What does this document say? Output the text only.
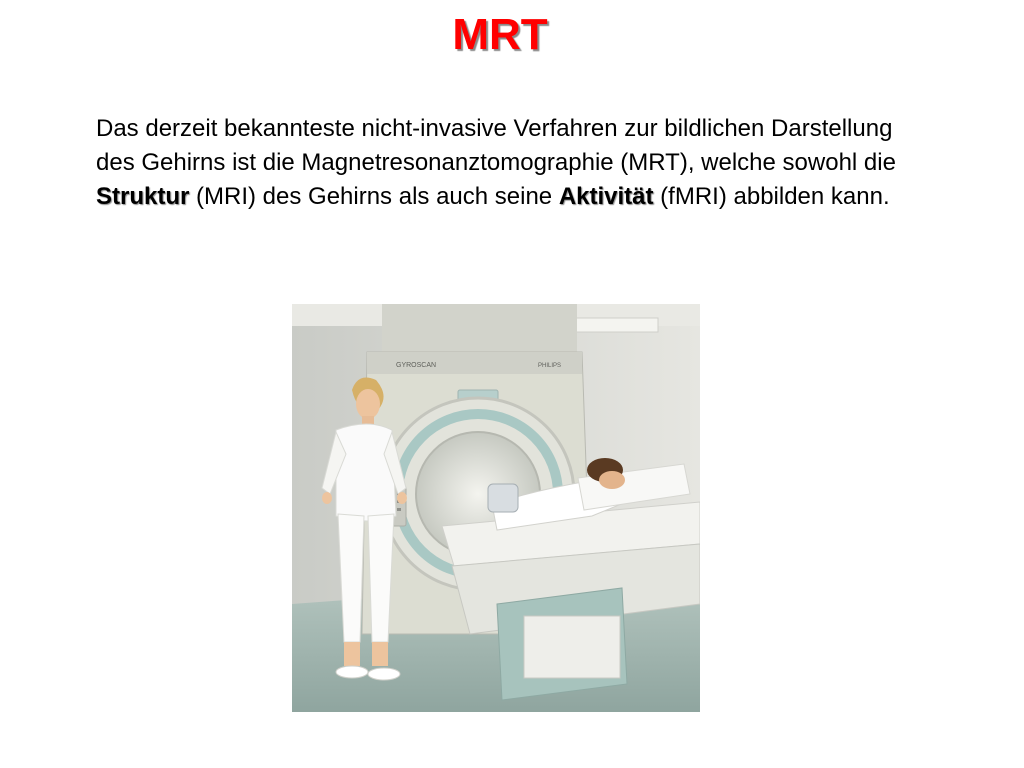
MRT
Das derzeit bekannteste nicht-invasive Verfahren zur bildlichen Darstellung des Gehirns ist die Magnetresonanztomographie (MRT), welche sowohl die Struktur (MRI) des Gehirns als auch seine Aktivität (fMRI) abbilden kann.
GYROSCAN	PHILIPS
